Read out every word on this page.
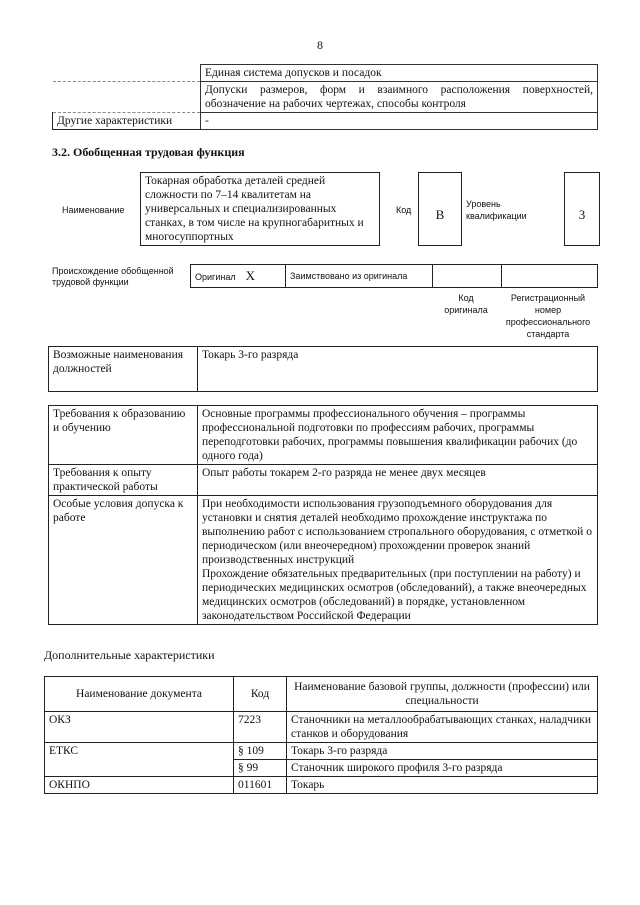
8
	Единая система допусков и посадок
	Допуски размеров, форм и взаимного расположения поверхностей, обозначение на рабочих чертежах, способы контроля
Другие характеристики	-
3.2. Обобщенная трудовая функция
Наименование
Токарная обработка деталей средней сложности по 7–14 квалитетам на универсальных и специализированных станках, в том числе на крупногабаритных и многосуппортных
Код	B
Уровень квалификации	3
Происхождение обобщенной трудовой функции	Оригинал X	Заимствовано из оригинала		
Код оригинала
Регистрационный номер профессионального стандарта
Возможные наименования должностей	Токарь 3-го разряда
Требования к образованию и обучению	Основные программы профессионального обучения – программы профессиональной подготовки по профессиям рабочих, программы переподготовки рабочих, программы повышения квалификации рабочих (до одного года)
Требования к опыту практической работы	Опыт работы токарем 2-го разряда не менее двух месяцев
Особые условия допуска к работе	При необходимости использования грузоподъемного оборудования для установки и снятия деталей необходимо прохождение инструктажа по выполнению работ с использованием стропального оборудования, с отметкой о периодическом (или внеочередном) прохождении проверок знаний производственных инструкций
Прохождение обязательных предварительных (при поступлении на работу) и периодических медицинских осмотров (обследований), а также внеочередных медицинских осмотров (обследований) в порядке, установленном законодательством Российской Федерации
Дополнительные характеристики
Наименование документа	Код	Наименование базовой группы, должности (профессии) или специальности
ОКЗ	7223	Станочники на металлообрабатывающих станках, наладчики станков и оборудования
ЕТКС	§ 109	Токарь 3-го разряда
	§ 99	Станочник широкого профиля 3-го разряда
ОКНПО	011601	Токарь
